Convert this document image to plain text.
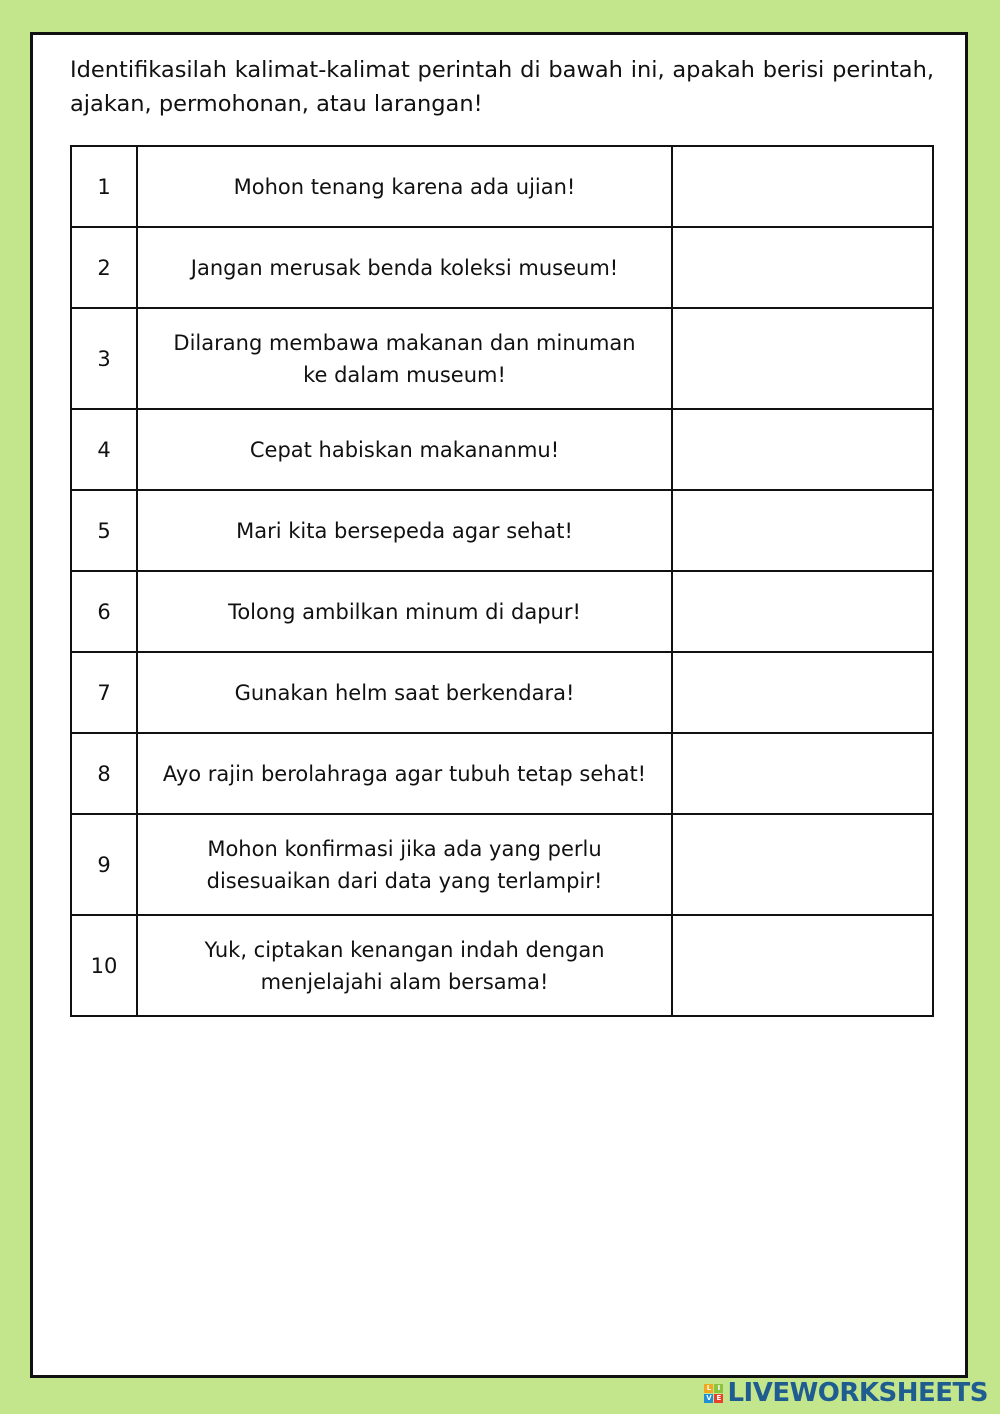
Identifikasilah kalimat-kalimat perintah di bawah ini, apakah berisi perintah, ajakan, permohonan, atau larangan!

1	Mohon tenang karena ada ujian!	

2	Jangan merusak benda koleksi museum!	

3	Dilarang membawa makanan dan minuman
ke dalam museum!	

4	Cepat habiskan makananmu!	

5	Mari kita bersepeda agar sehat!	

6	Tolong ambilkan minum di dapur!	

7	Gunakan helm saat berkendara!	

8	Ayo rajin berolahraga agar tubuh tetap sehat!	

9	Mohon konfirmasi jika ada yang perlu
disesuaikan dari data yang terlampir!	

10	Yuk, ciptakan kenangan indah dengan
menjelajahi alam bersama!	

L I
V E LIVEWORKSHEETS
